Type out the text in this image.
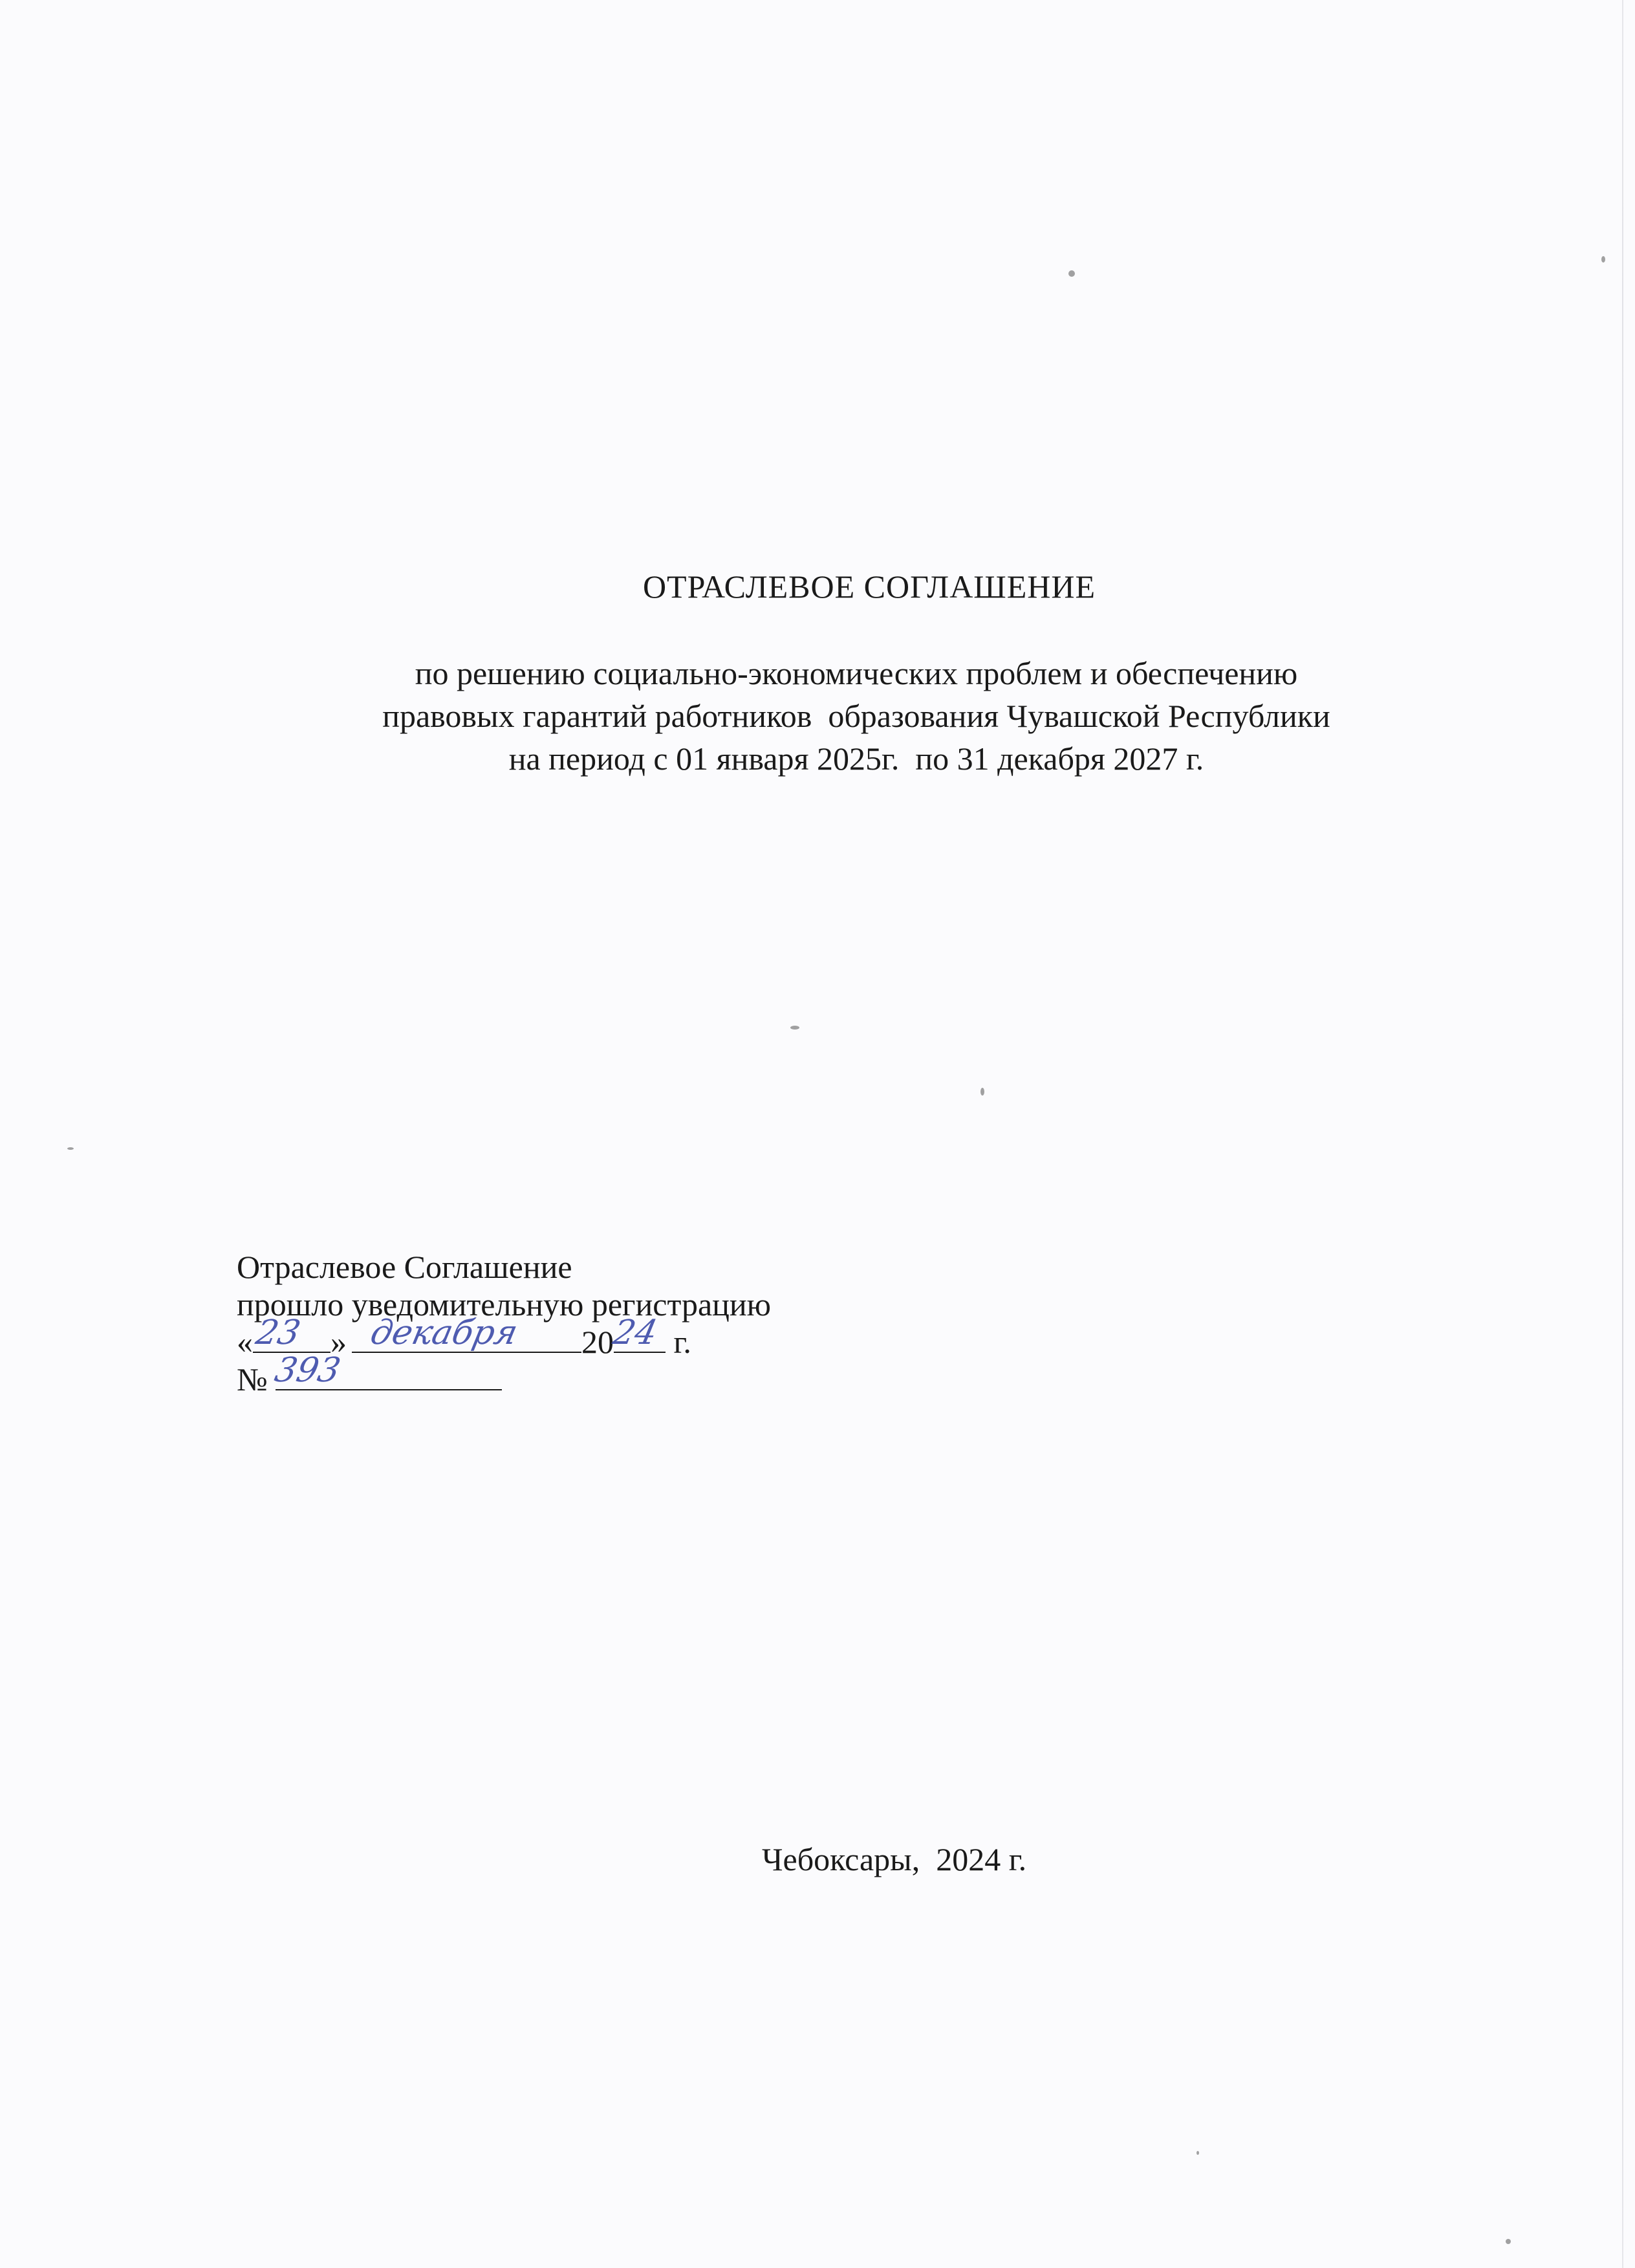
ОТРАСЛЕВОЕ СОГЛАШЕНИЕ
по решению социально-экономических проблем и обеспечению
правовых гарантий работников  образования Чувашской Республики
на период с 01 января 2025г.  по 31 декабря 2027 г.
Отраслевое Соглашение
прошло уведомительную регистрацию
« 23 » декабря 20
24 г.
№
393
Чебоксары,  2024 г.
